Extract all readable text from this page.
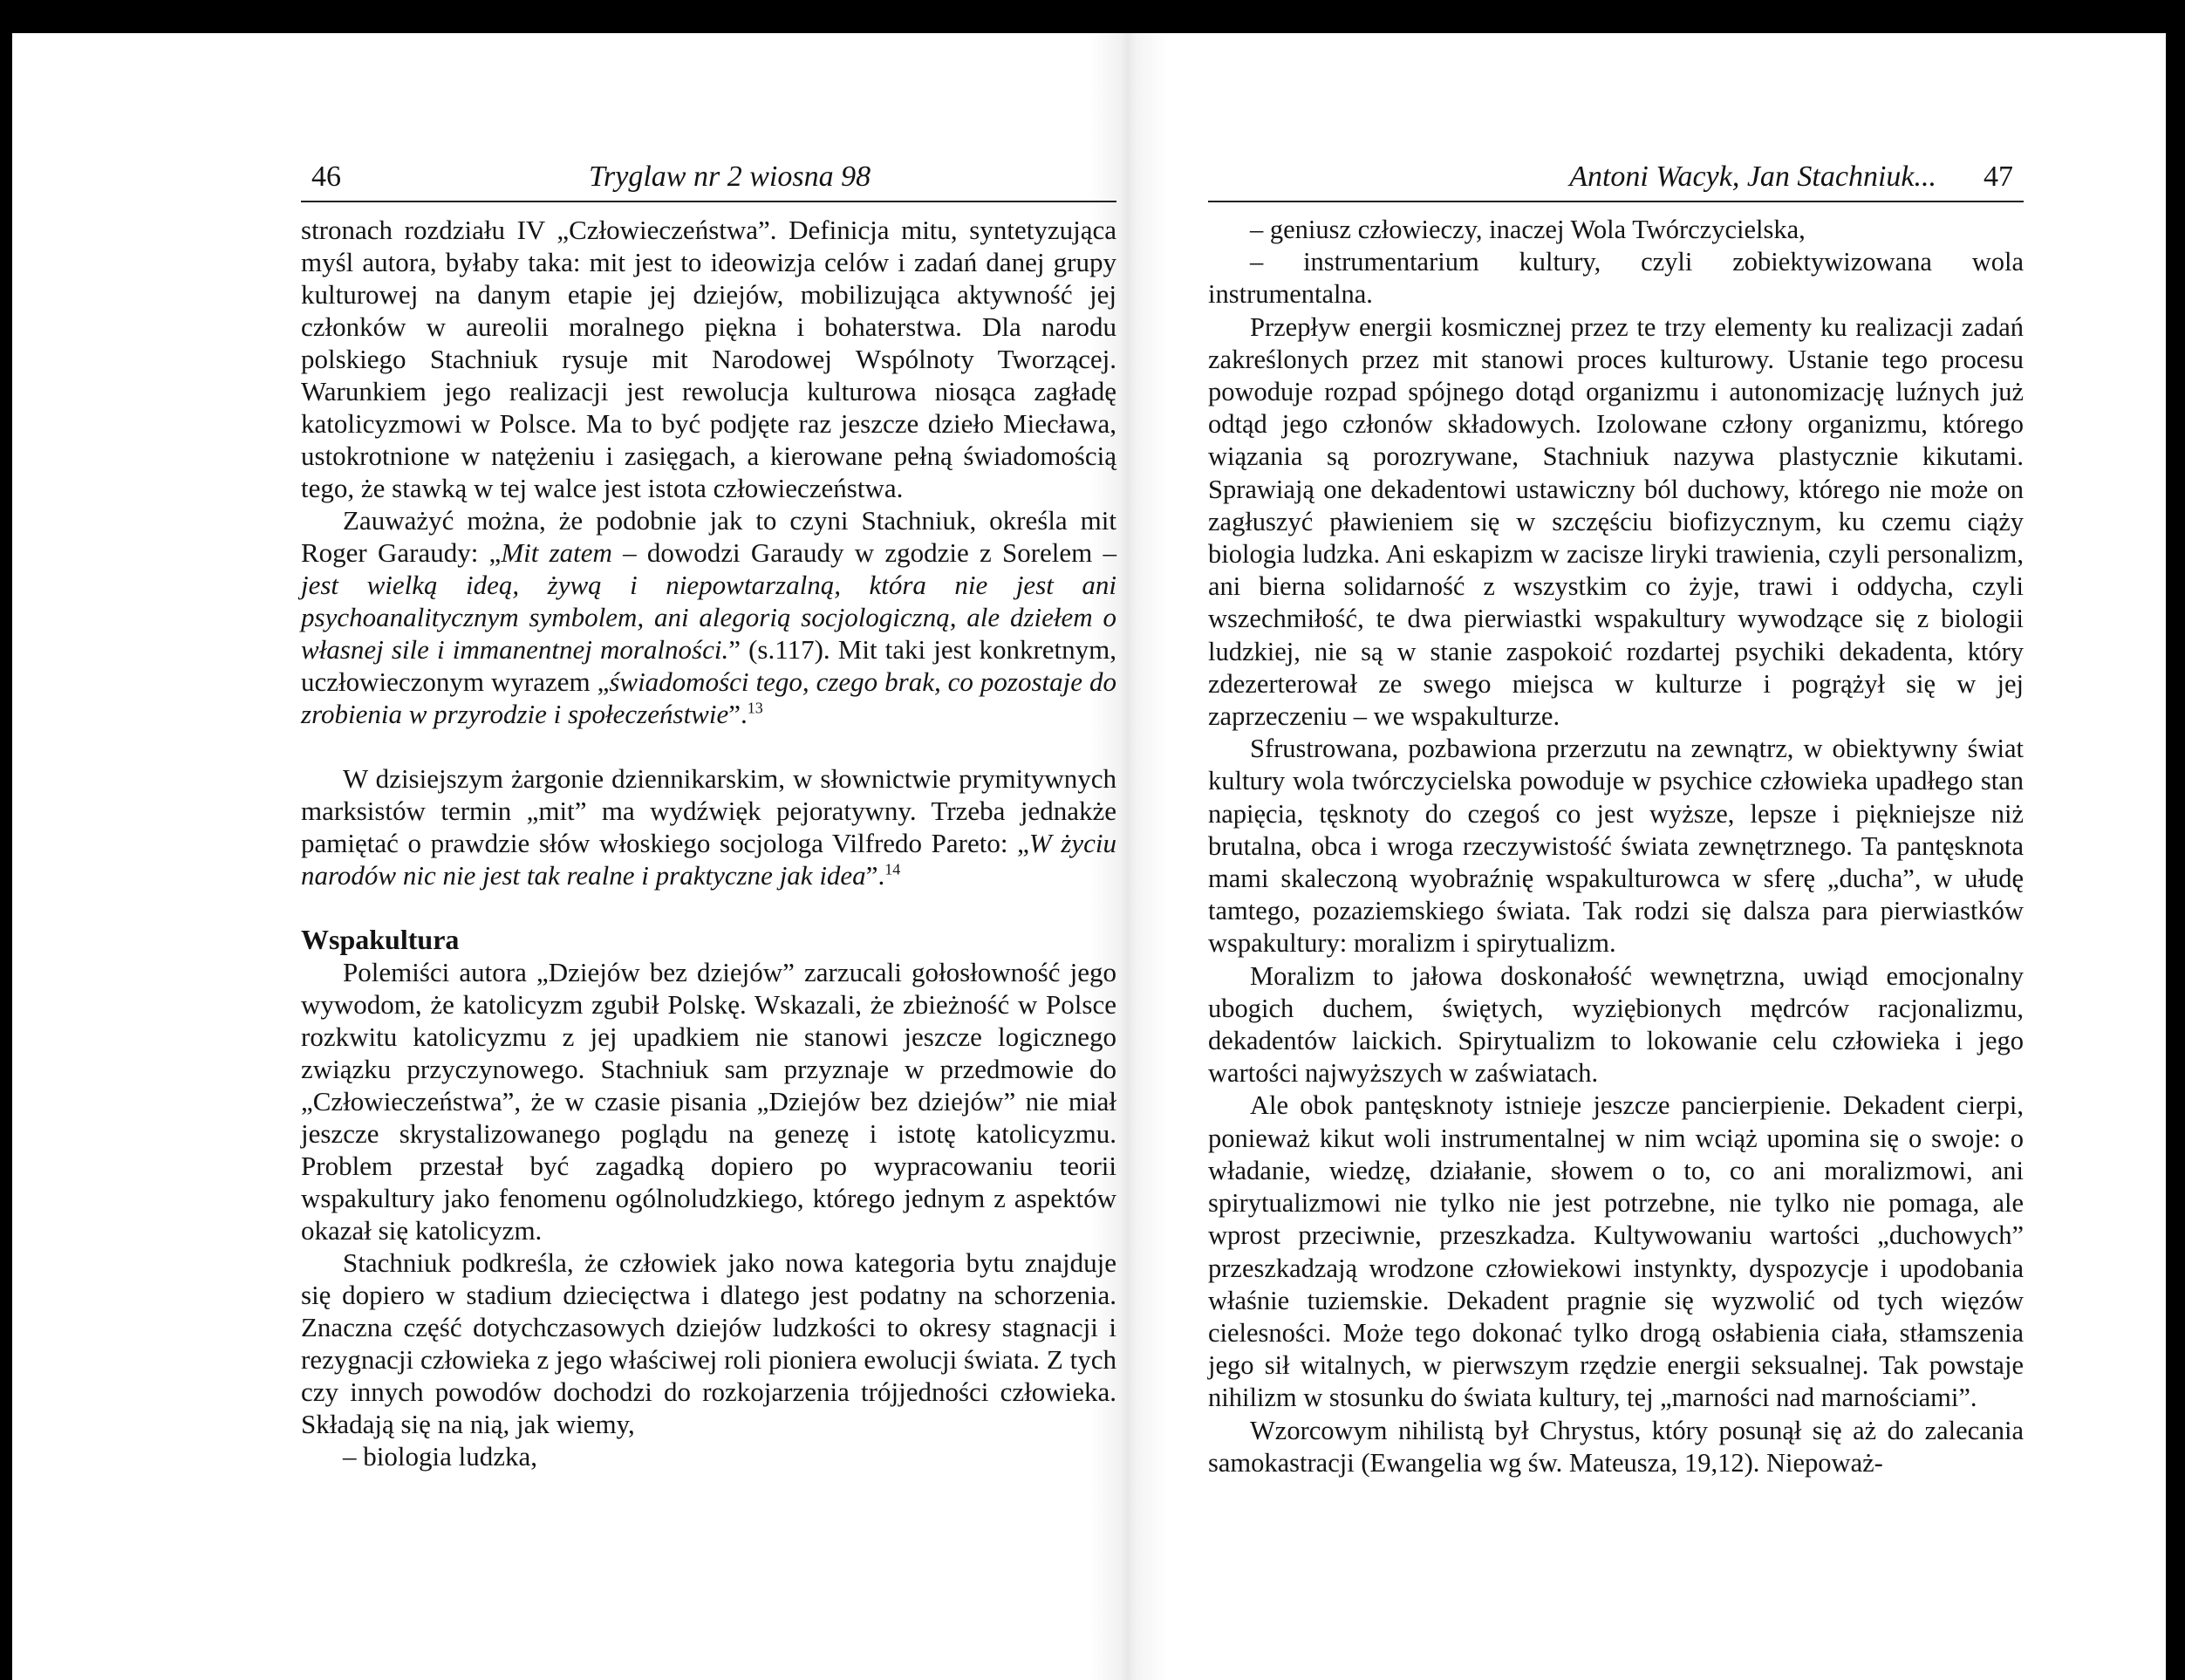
46	Tryglaw nr 2 wiosna 98

stronach rozdziału IV „Człowieczeństwa”. Definicja mitu, syntetyzująca myśl autora, byłaby taka: mit jest to ideowizja celów i zadań danej grupy kulturowej na danym etapie jej dziejów, mobilizująca aktywność jej członków w aureolii moralnego piękna i bohaterstwa. Dla narodu polskiego Stachniuk rysuje mit Narodowej Wspólnoty Tworzącej. Warunkiem jego realizacji jest rewolucja kulturowa niosąca zagładę katolicyzmowi w Polsce. Ma to być podjęte raz jeszcze dzieło Miecława, ustokrotnione w natężeniu i zasięgach, a kierowane pełną świadomością tego, że stawką w tej walce jest istota człowieczeństwa.

Zauważyć można, że podobnie jak to czyni Stachniuk, określa mit Roger Garaudy: „Mit zatem – dowodzi Garaudy w zgodzie z Sorelem – jest wielką ideą, żywą i niepowtarzalną, która nie jest ani psychoanalitycznym symbolem, ani alegorią socjologiczną, ale dziełem o własnej sile i immanentnej moralności.” (s.117). Mit taki jest konkretnym, uczłowieczonym wyrazem „świadomości tego, czego brak, co pozostaje do zrobienia w przyrodzie i społeczeństwie”.$^{13}$

W dzisiejszym żargonie dziennikarskim, w słownictwie prymitywnych marksistów termin „mit” ma wydźwięk pejoratywny. Trzeba jednakże pamiętać o prawdzie słów włoskiego socjologa Vilfredo Pareto: „W życiu narodów nic nie jest tak realne i praktyczne jak idea”.$^{14}$

Wspakultura

Polemiści autora „Dziejów bez dziejów” zarzucali gołosłowność jego wywodom, że katolicyzm zgubił Polskę. Wskazali, że zbieżność w Polsce rozkwitu katolicyzmu z jej upadkiem nie stanowi jeszcze logicznego związku przyczynowego. Stachniuk sam przyznaje w przedmowie do „Człowieczeństwa”, że w czasie pisania „Dziejów bez dziejów” nie miał jeszcze skrystalizowanego poglądu na genezę i istotę katolicyzmu. Problem przestał być zagadką dopiero po wypracowaniu teorii wspakultury jako fenomenu ogólnoludzkiego, którego jednym z aspektów okazał się katolicyzm.

Stachniuk podkreśla, że człowiek jako nowa kategoria bytu znajduje się dopiero w stadium dziecięctwa i dlatego jest podatny na schorzenia. Znaczna część dotychczasowych dziejów ludzkości to okresy stagnacji i rezygnacji człowieka z jego właściwej roli pioniera ewolucji świata. Z tych czy innych powodów dochodzi do rozkojarzenia trójjedności człowieka. Składają się na nią, jak wiemy,

– biologia ludzka,

Antoni Wacyk, Jan Stachniuk... 47

– geniusz człowieczy, inaczej Wola Twórczycielska,

– instrumentarium kultury, czyli zobiektywizowana wola instrumentalna.

Przepływ energii kosmicznej przez te trzy elementy ku realizacji zadań zakreślonych przez mit stanowi proces kulturowy. Ustanie tego procesu powoduje rozpad spójnego dotąd organizmu i autonomizację luźnych już odtąd jego członów składowych. Izolowane człony organizmu, którego wiązania są porozrywane, Stachniuk nazywa plastycznie kikutami. Sprawiają one dekadentowi ustawiczny ból duchowy, którego nie może on zagłuszyć pławieniem się w szczęściu biofizycznym, ku czemu ciąży biologia ludzka. Ani eskapizm w zacisze liryki trawienia, czyli personalizm, ani bierna solidarność z wszystkim co żyje, trawi i oddycha, czyli wszechmiłość, te dwa pierwiastki wspakultury wywodzące się z biologii ludzkiej, nie są w stanie zaspokoić rozdartej psychiki dekadenta, który zdezerterował ze swego miejsca w kulturze i pogrążył się w jej zaprzeczeniu – we wspakulturze.

Sfrustrowana, pozbawiona przerzutu na zewnątrz, w obiektywny świat kultury wola twórczycielska powoduje w psychice człowieka upadłego stan napięcia, tęsknoty do czegoś co jest wyższe, lepsze i piękniejsze niż brutalna, obca i wroga rzeczywistość świata zewnętrznego. Ta pantęsknota mami skaleczoną wyobraźnię wspakulturowca w sferę „ducha”, w ułudę tamtego, pozaziemskiego świata. Tak rodzi się dalsza para pierwiastków wspakultury: moralizm i spirytualizm.

Moralizm to jałowa doskonałość wewnętrzna, uwiąd emocjonalny ubogich duchem, świętych, wyziębionych mędrców racjonalizmu, dekadentów laickich. Spirytualizm to lokowanie celu człowieka i jego wartości najwyższych w zaświatach.

Ale obok pantęsknoty istnieje jeszcze pancierpienie. Dekadent cierpi, ponieważ kikut woli instrumentalnej w nim wciąż upomina się o swoje: o władanie, wiedzę, działanie, słowem o to, co ani moralizmowi, ani spirytualizmowi nie tylko nie jest potrzebne, nie tylko nie pomaga, ale wprost przeciwnie, przeszkadza. Kultywowaniu wartości „duchowych” przeszkadzają wrodzone człowiekowi instynkty, dyspozycje i upodobania właśnie tuziemskie. Dekadent pragnie się wyzwolić od tych więzów cielesności. Może tego dokonać tylko drogą osłabienia ciała, stłamszenia jego sił witalnych, w pierwszym rzędzie energii seksualnej. Tak powstaje nihilizm w stosunku do świata kultury, tej „marności nad marnościami”.

Wzorcowym nihilistą był Chrystus, który posunął się aż do zalecania samokastracji (Ewangelia wg św. Mateusza, 19,12). Niepoważ-
